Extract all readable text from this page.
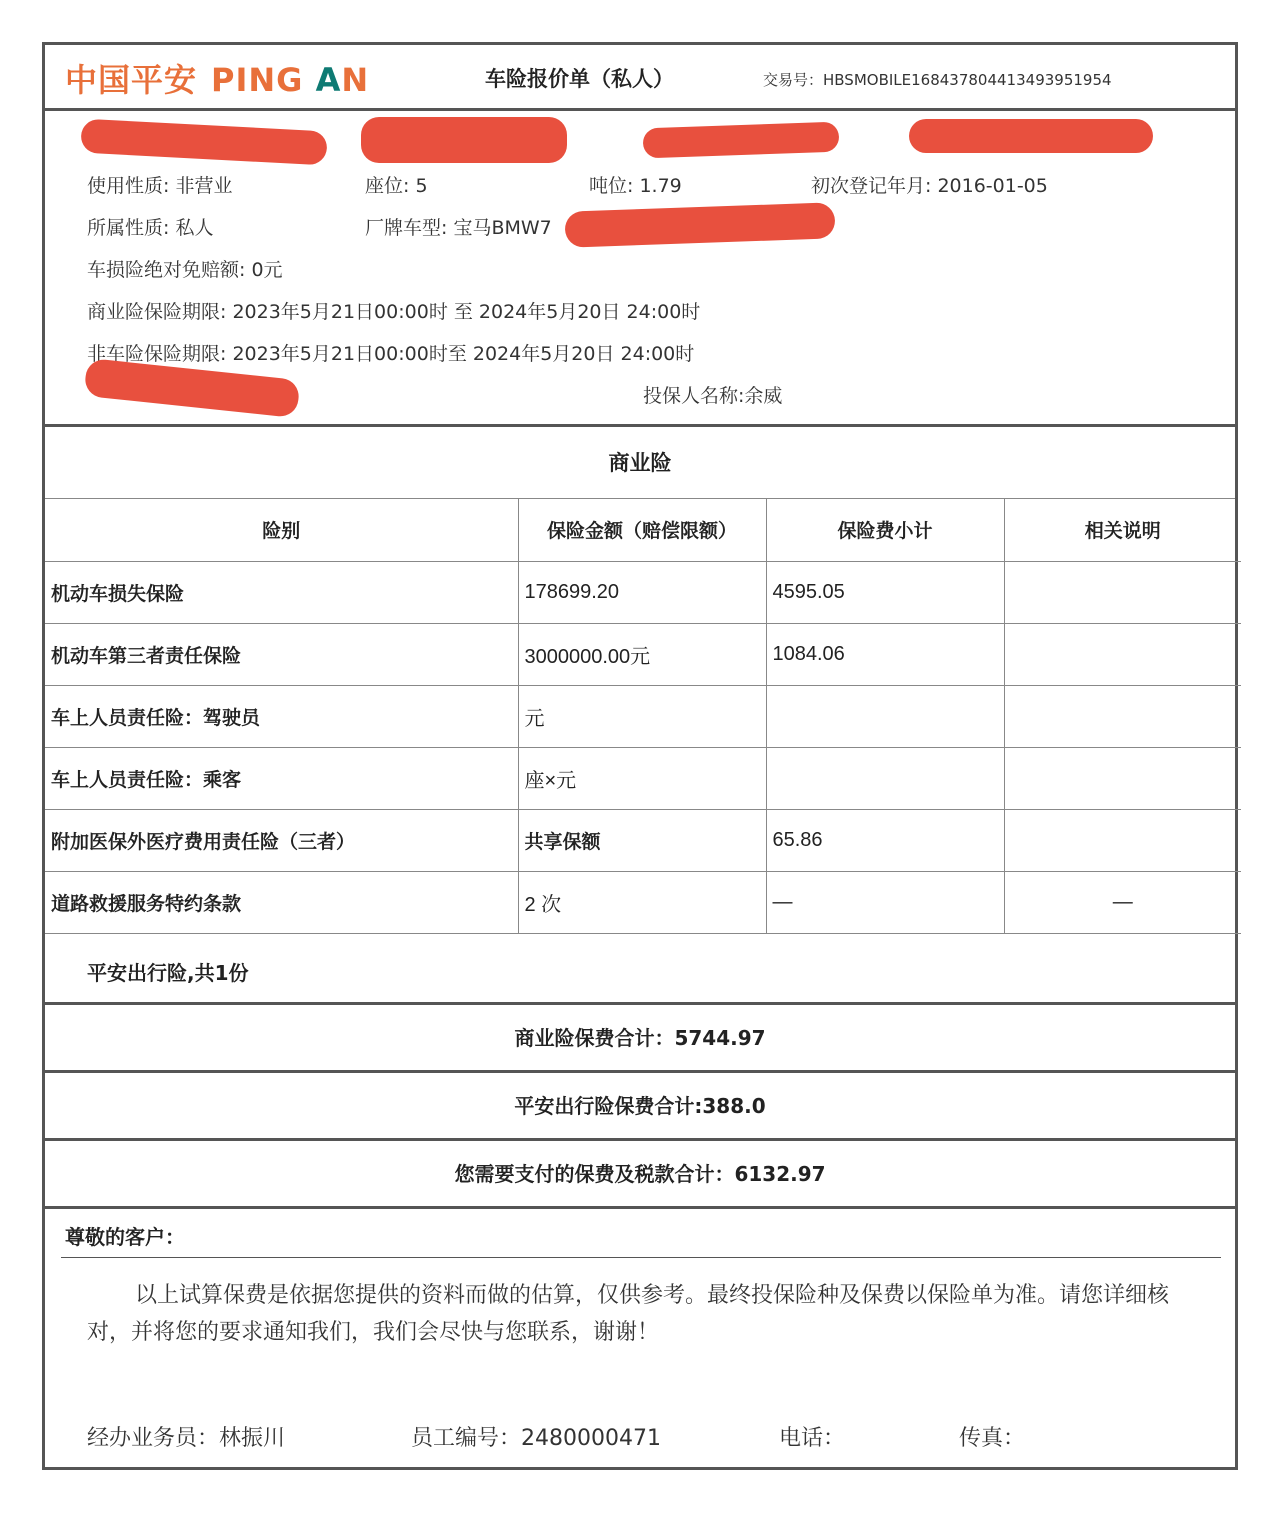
中国平安 PING AN	车险报价单（私人）	交易号：HBSMOBILE16843780441349395195​4
使用性质: 非营业	座位: 5	吨位: 1.79	初次登记年月: 2016-01-05
所属性质: 私人	厂牌车型: 宝马BMW7
车损险绝对免赔额: 0元
商业险保险期限: 2023年5月21日00:00时 至 2024年5月20日 24:00时
非车险保险期限: 2023年5月21日00:00时至 2024年5月20日 24:00时
投保人名称:余威
商业险
险别	保险金额（赔偿限额）	保险费小计	相关说明
机动车损失保险	178699.20	4595.05	
机动车第三者责任保险	3000000.00元	1084.06	
车上人员责任险：驾驶员	元		
车上人员责任险：乘客	座×元		
附加医保外医疗费用责任险（三者）	共享保额	65.86	
道路救援服务特约条款	2 次	—	—
平安出行险,共1份
商业险保费合计：5744.97
平安出行险保费合计:388.0
您需要支付的保费及税款合计：6132.97
尊敬的客户：
以上试算保费是依据您提供的资料而做的估算，仅供参考。最终投保险种及保费以保险单为准。请您详细核对，并将您的要求通知我们，我们会尽快与您联系，谢谢！
经办业务员：林振川	员工编号：2480000471	电话：	传真：
